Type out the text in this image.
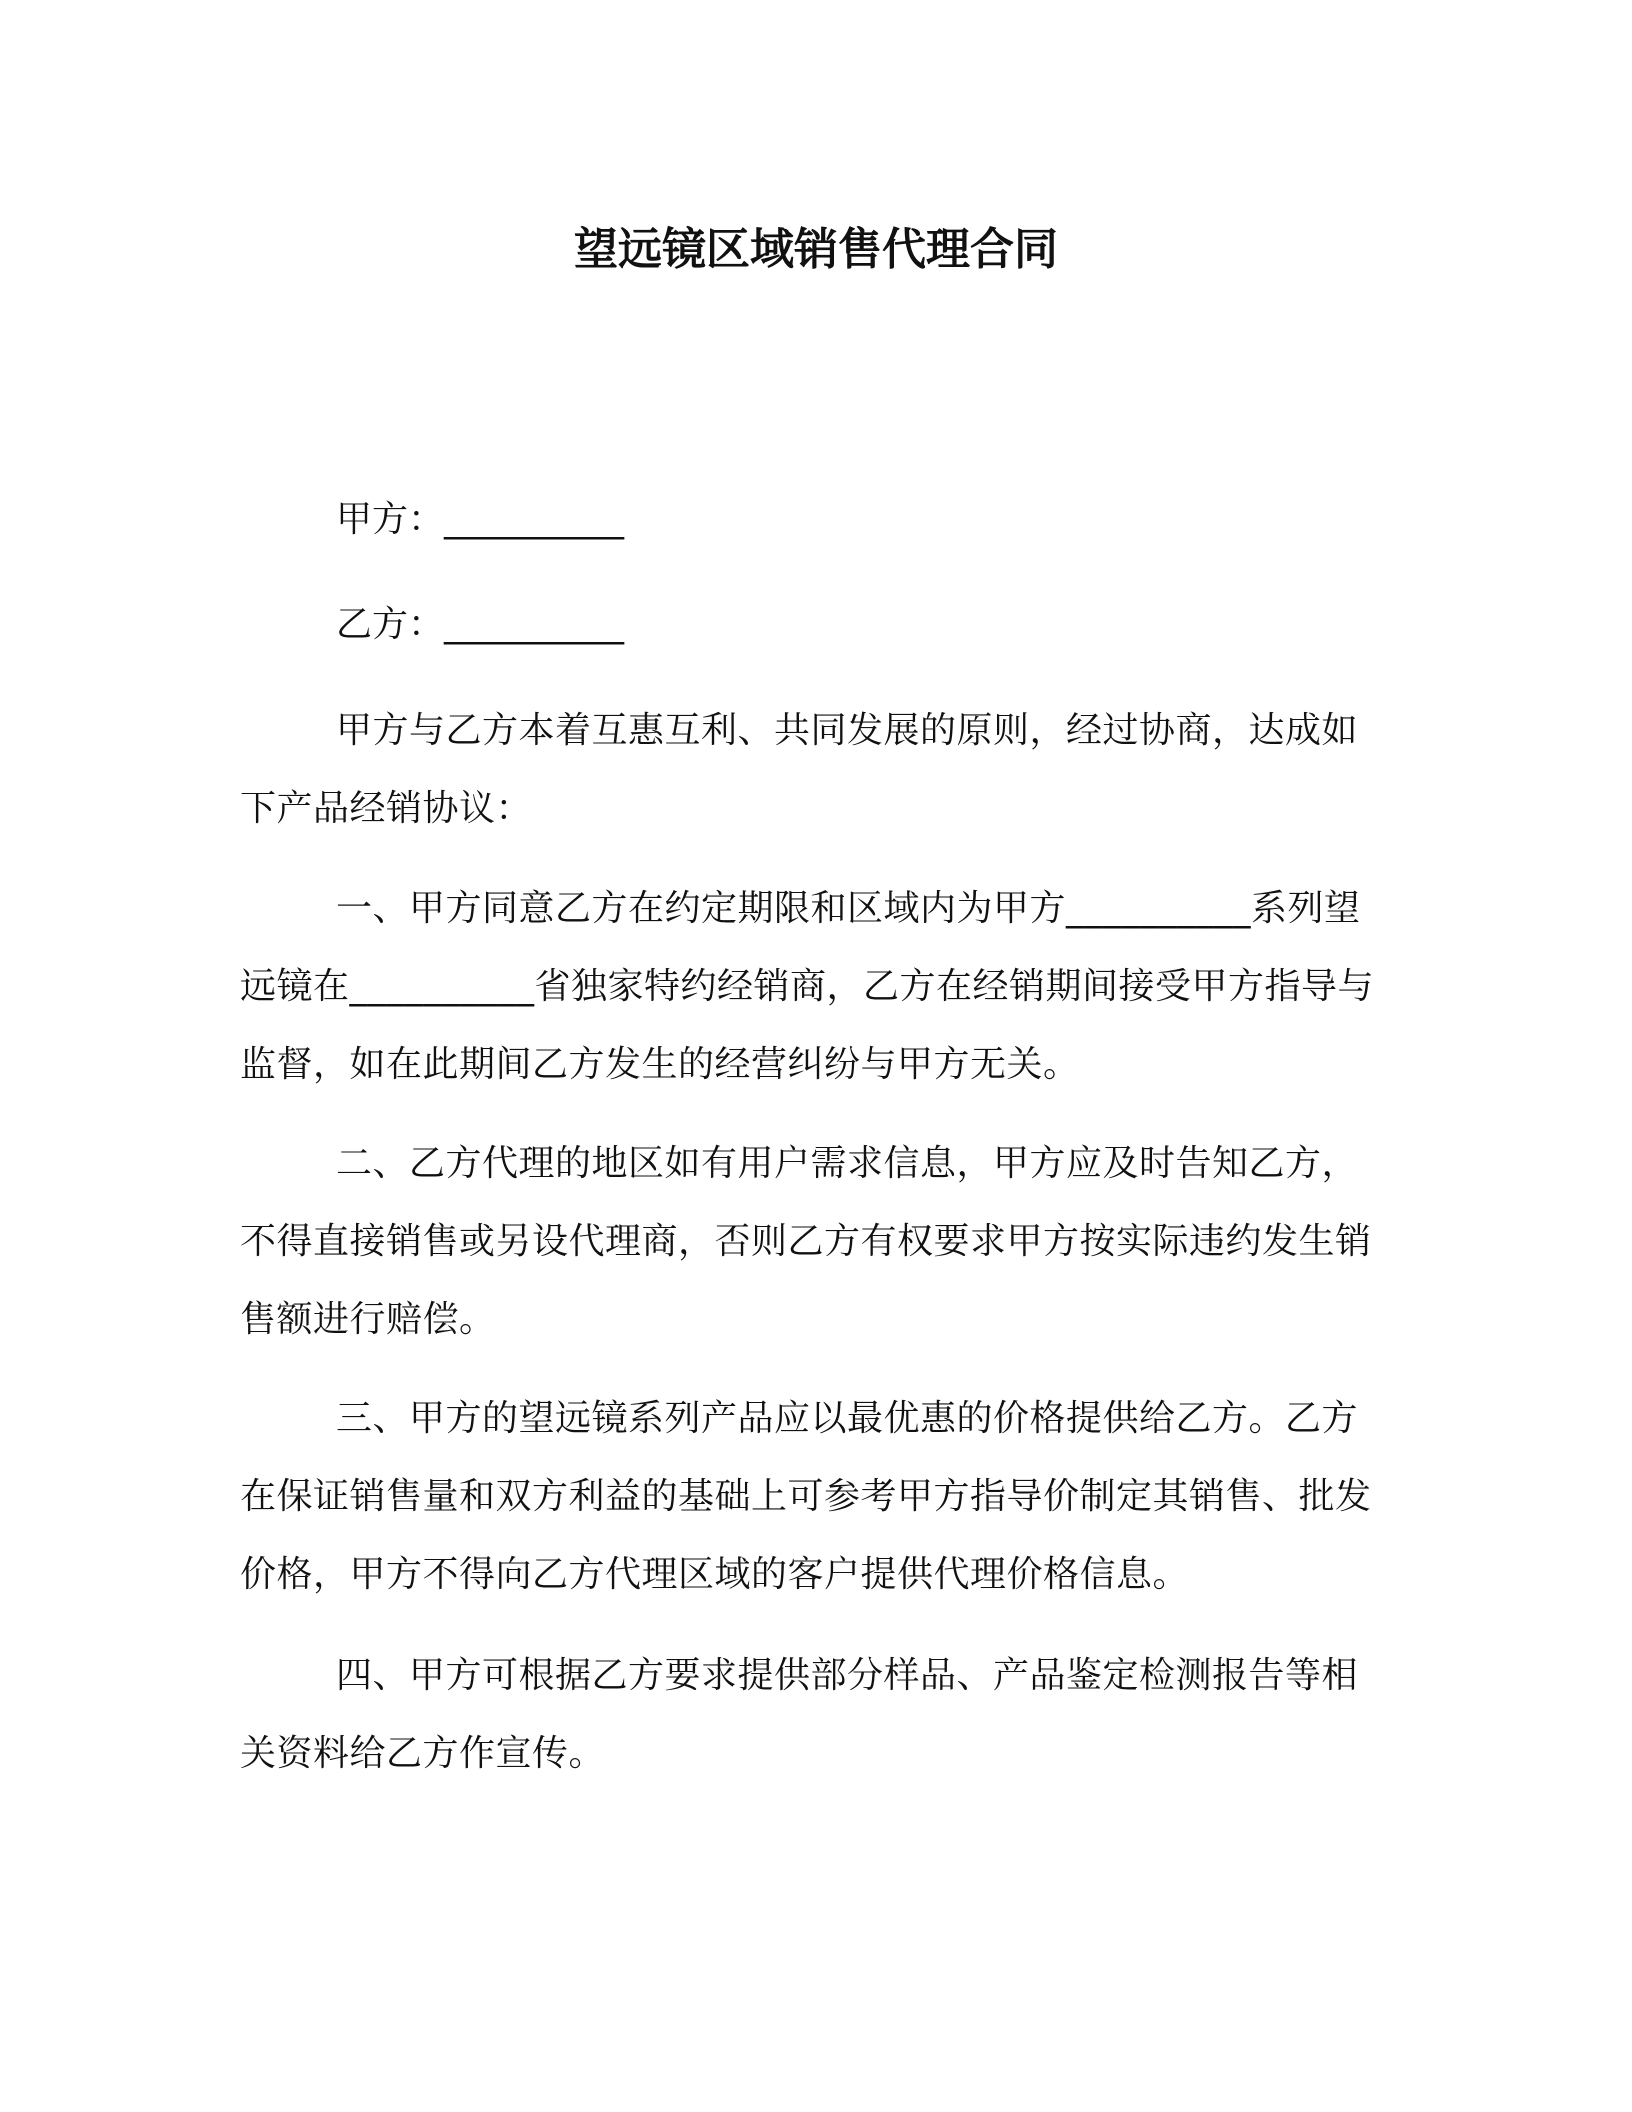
望远镜区域销售代理合同

甲方：__________

乙方：__________

甲方与乙方本着互惠互利、共同发展的原则，经过协商，达成如下产品经销协议：

一、甲方同意乙方在约定期限和区域内为甲方__________系列望远镜在__________省独家特约经销商，乙方在经销期间接受甲方指导与监督，如在此期间乙方发生的经营纠纷与甲方无关。

二、乙方代理的地区如有用户需求信息，甲方应及时告知乙方，不得直接销售或另设代理商，否则乙方有权要求甲方按实际违约发生销售额进行赔偿。

三、甲方的望远镜系列产品应以最优惠的价格提供给乙方。乙方在保证销售量和双方利益的基础上可参考甲方指导价制定其销售、批发价格，甲方不得向乙方代理区域的客户提供代理价格信息。

四、甲方可根据乙方要求提供部分样品、产品鉴定检测报告等相关资料给乙方作宣传。
